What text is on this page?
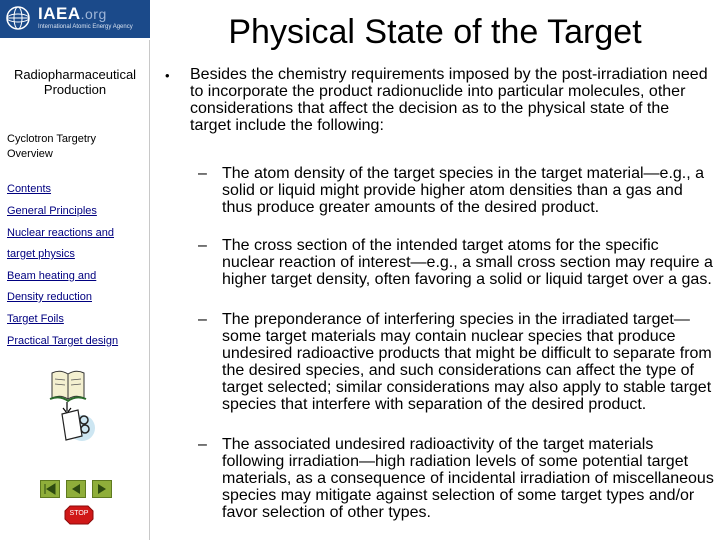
IAEA.org
International Atomic Energy Agency
Radiopharmaceutical
Production
Cyclotron Targetry
Overview
Contents
General Principles
Nuclear reactions and
target physics
Beam heating and
Density reduction
Target Foils
Practical Target design
STOP
Physical State of the Target
• Besides the chemistry requirements imposed by the post-irradiation need to incorporate the product radionuclide into particular molecules, other considerations that affect the decision as to the physical state of the target include the following:
– The atom density of the target species in the target material—e.g., a solid or liquid might provide higher atom densities than a gas and thus produce greater amounts of the desired product.
– The cross section of the intended target atoms for the specific nuclear reaction of interest—e.g., a small cross section may require a higher target density, often favoring a solid or liquid target over a gas.
– The preponderance of interfering species in the irradiated target—some target materials may contain nuclear species that produce undesired radioactive products that might be difficult to separate from the desired species, and such considerations can affect the type of target selected; similar considerations may also apply to stable target species that interfere with separation of the desired product.
– The associated undesired radioactivity of the target materials following irradiation—high radiation levels of some potential target materials, as a consequence of incidental irradiation of miscellaneous species may mitigate against selection of some target types and/or favor selection of other types.
